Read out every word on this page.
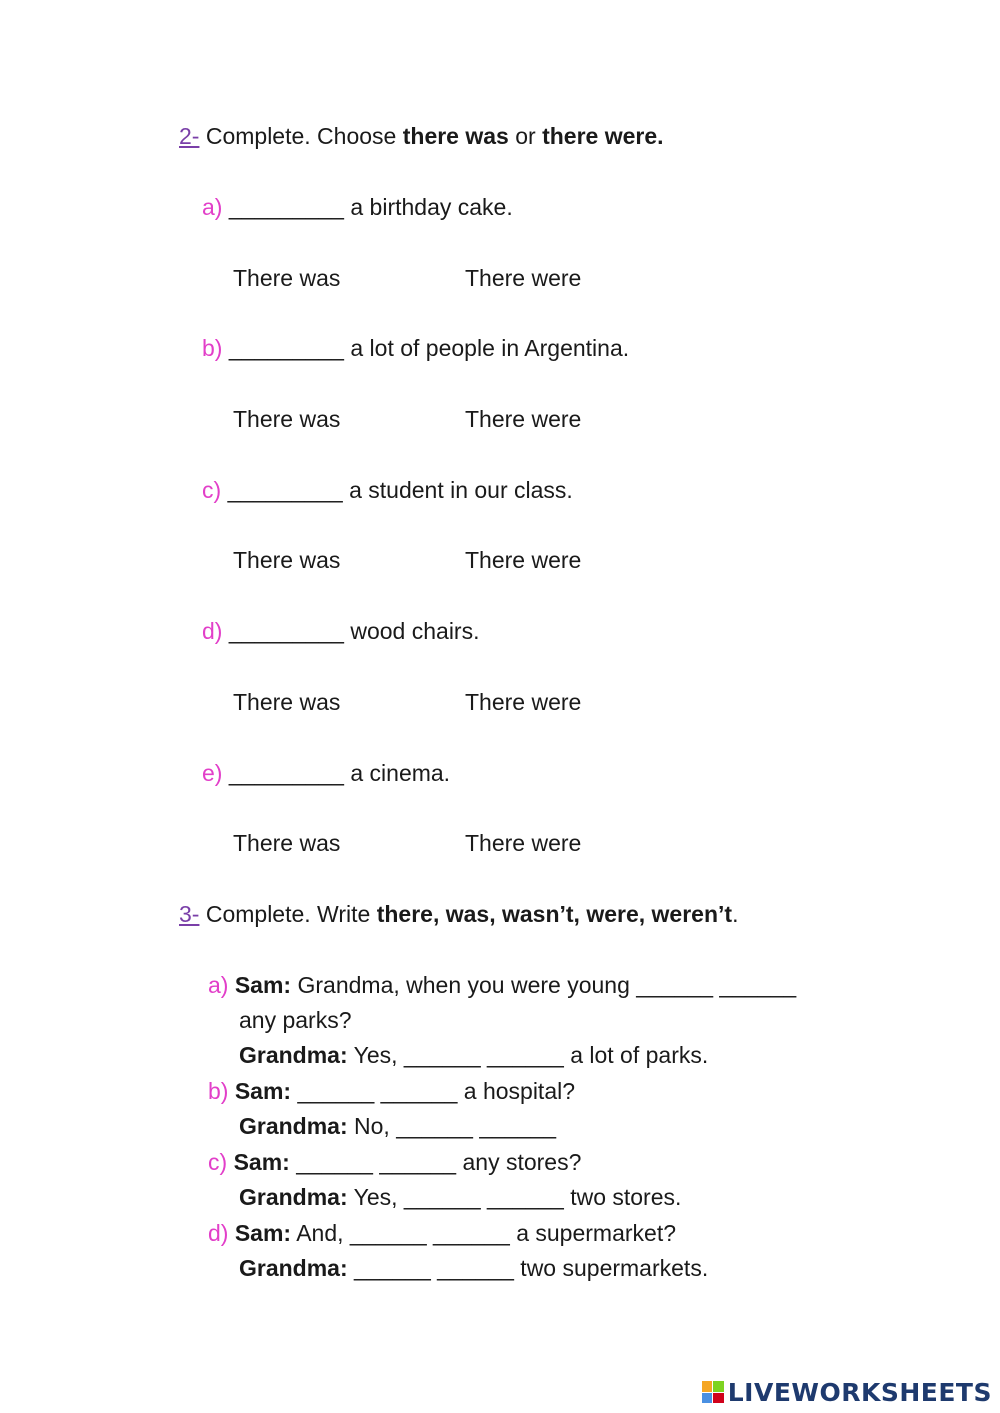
2- Complete. Choose there was or there were.
a) _________ a birthday cake.
There was	There were
b) _________ a lot of people in Argentina.
There was	There were
c) _________ a student in our class.
There was	There were
d) _________ wood chairs.
There was	There were
e) _________ a cinema.
There was	There were
3- Complete. Write there, was, wasn’t, were, weren’t.
a) Sam: Grandma, when you were young ______ ______
any parks?
Grandma: Yes, ______ ______ a lot of parks.
b) Sam: ______ ______ a hospital?
Grandma: No, ______ ______
c) Sam: ______ ______ any stores?
Grandma: Yes, ______ ______ two stores.
d) Sam: And, ______ ______ a supermarket?
Grandma: ______ ______ two supermarkets.
LIVEWORKSHEETS
